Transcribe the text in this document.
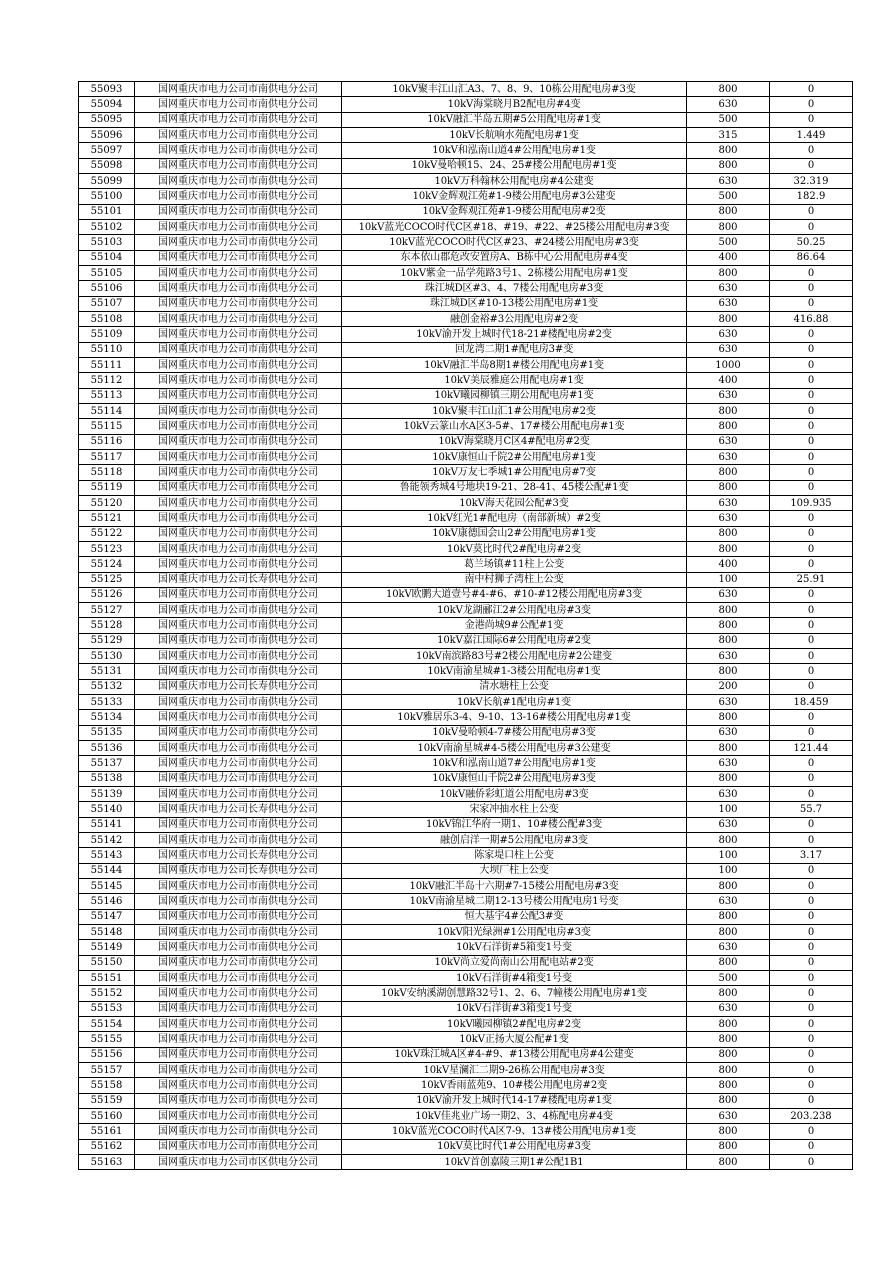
55093	国网重庆市电力公司市南供电分公司	10kV聚丰江山汇A3、7、8、9、10栋公用配电房#3变	800	0
55094	国网重庆市电力公司市南供电分公司	10kV海棠晓月B2配电房#4变	630	0
55095	国网重庆市电力公司市南供电分公司	10kV融汇半岛五期#5公用配电房#1变	500	0
55096	国网重庆市电力公司市南供电分公司	10kV长航响水苑配电房#1变	315	1.449
55097	国网重庆市电力公司市南供电分公司	10kV和泓南山道4#公用配电房#1变	800	0
55098	国网重庆市电力公司市南供电分公司	10kV曼哈顿15、24、25#楼公用配电房#1变	800	0
55099	国网重庆市电力公司市南供电分公司	10kV万科翰林公用配电房#4公建变	630	32.319
55100	国网重庆市电力公司市南供电分公司	10kV金辉观江苑#1-9楼公用配电房#3公建变	500	182.9
55101	国网重庆市电力公司市南供电分公司	10kV金辉观江苑#1-9楼公用配电房#2变	800	0
55102	国网重庆市电力公司市南供电分公司	10kV蓝光COCO时代C区#18、#19、#22、#25楼公用配电房#3变	800	0
55103	国网重庆市电力公司市南供电分公司	10kV蓝光COCO时代C区#23、#24楼公用配电房#3变	500	50.25
55104	国网重庆市电力公司市南供电分公司	东本依山郡危改安置房A、B栋中心公用配电房#4变	400	86.64
55105	国网重庆市电力公司市南供电分公司	10kV紫金一品学苑路3号1、2栋楼公用配电房#1变	800	0
55106	国网重庆市电力公司市南供电分公司	珠江城D区#3、4、7楼公用配电房#3变	630	0
55107	国网重庆市电力公司市南供电分公司	珠江城D区#10-13楼公用配电房#1变	630	0
55108	国网重庆市电力公司市南供电分公司	融创金裕#3公用配电房#2变	800	416.88
55109	国网重庆市电力公司市南供电分公司	10kV渝开发上城时代18-21#楼配电房#2变	630	0
55110	国网重庆市电力公司市南供电分公司	回龙湾二期1#配电房3#变	630	0
55111	国网重庆市电力公司市南供电分公司	10kV融汇半岛8期1#楼公用配电房#1变	1000	0
55112	国网重庆市电力公司市南供电分公司	10kV美辰雅庭公用配电房#1变	400	0
55113	国网重庆市电力公司市南供电分公司	10kV曦园柳镇三期公用配电房#1变	630	0
55114	国网重庆市电力公司市南供电分公司	10kV聚丰江山汇1#公用配电房#2变	800	0
55115	国网重庆市电力公司市南供电分公司	10kV云篆山水A区3-5#、17#楼公用配电房#1变	800	0
55116	国网重庆市电力公司市南供电分公司	10kV海棠晓月C区4#配电房#2变	630	0
55117	国网重庆市电力公司市南供电分公司	10kV康恒山千院2#公用配电房#1变	630	0
55118	国网重庆市电力公司市南供电分公司	10kV万友七季城1#公用配电房#7变	800	0
55119	国网重庆市电力公司市南供电分公司	鲁能领秀城4号地块19-21、28-41、45楼公配#1变	800	0
55120	国网重庆市电力公司市南供电分公司	10kV海天花园公配#3变	630	109.935
55121	国网重庆市电力公司市南供电分公司	10kV红光1#配电房（南部新城）#2变	630	0
55122	国网重庆市电力公司市南供电分公司	10kV康德国会山2#公用配电房#1变	800	0
55123	国网重庆市电力公司市南供电分公司	10kV莫比时代2#配电房#2变	800	0
55124	国网重庆市电力公司市南供电分公司	葛兰场镇#11柱上公变	400	0
55125	国网重庆市电力公司长寿供电分公司	南中村狮子湾柱上公变	100	25.91
55126	国网重庆市电力公司市南供电分公司	10kV欧鹏大道壹号#4-#6、#10-#12楼公用配电房#3变	630	0
55127	国网重庆市电力公司市南供电分公司	10kV龙湖郦江2#公用配电房#3变	800	0
55128	国网重庆市电力公司市南供电分公司	金港尚城9#公配#1变	800	0
55129	国网重庆市电力公司市南供电分公司	10kV嘉江国际6#公用配电房#2变	800	0
55130	国网重庆市电力公司市南供电分公司	10kV南滨路83号#2楼公用配电房#2公建变	630	0
55131	国网重庆市电力公司市南供电分公司	10kV南渝星城#1-3楼公用配电房#1变	800	0
55132	国网重庆市电力公司长寿供电分公司	清水塘柱上公变	200	0
55133	国网重庆市电力公司市南供电分公司	10kV长航#1配电房#1变	630	18.459
55134	国网重庆市电力公司市南供电分公司	10kV雅居乐3-4、9-10、13-16#楼公用配电房#1变	800	0
55135	国网重庆市电力公司市南供电分公司	10kV曼哈顿4-7#楼公用配电房#3变	630	0
55136	国网重庆市电力公司市南供电分公司	10kV南渝星城#4-5楼公用配电房#3公建变	800	121.44
55137	国网重庆市电力公司市南供电分公司	10kV和泓南山道7#公用配电房#1变	630	0
55138	国网重庆市电力公司市南供电分公司	10kV康恒山千院2#公用配电房#3变	800	0
55139	国网重庆市电力公司市南供电分公司	10kV融侨彩虹道公用配电房#3变	630	0
55140	国网重庆市电力公司长寿供电分公司	宋家冲抽水柱上公变	100	55.7
55141	国网重庆市电力公司市南供电分公司	10kV锦江华府一期1、10#楼公配#3变	630	0
55142	国网重庆市电力公司市南供电分公司	融创启洋一期#5公用配电房#3变	800	0
55143	国网重庆市电力公司长寿供电分公司	陈家堤口柱上公变	100	3.17
55144	国网重庆市电力公司长寿供电分公司	大坝厂柱上公变	100	0
55145	国网重庆市电力公司市南供电分公司	10kV融汇半岛十六期#7-15楼公用配电房#3变	800	0
55146	国网重庆市电力公司市南供电分公司	10kV南渝星城二期12-13号楼公用配电房1号变	630	0
55147	国网重庆市电力公司市南供电分公司	恒大基宇4#公配3#变	800	0
55148	国网重庆市电力公司市南供电分公司	10kV阳光绿洲#1公用配电房#3变	800	0
55149	国网重庆市电力公司市南供电分公司	10kV石洋街#5箱变1号变	630	0
55150	国网重庆市电力公司市南供电分公司	10kV尚立爱尚南山公用配电站#2变	800	0
55151	国网重庆市电力公司市南供电分公司	10kV石洋街#4箱变1号变	500	0
55152	国网重庆市电力公司市南供电分公司	10kV安纳溪湖创慧路32号1、2、6、7幢楼公用配电房#1变	800	0
55153	国网重庆市电力公司市南供电分公司	10kV石洋街#3箱变1号变	630	0
55154	国网重庆市电力公司市南供电分公司	10kV曦园柳镇2#配电房#2变	800	0
55155	国网重庆市电力公司市南供电分公司	10kV正扬大厦公配#1变	800	0
55156	国网重庆市电力公司市南供电分公司	10kV珠江城A区#4-#9、#13楼公用配电房#4公建变	800	0
55157	国网重庆市电力公司市南供电分公司	10kV星澜汇二期9-26栋公用配电房#3变	800	0
55158	国网重庆市电力公司市南供电分公司	10kV香雨蓝苑9、10#楼公用配电房#2变	800	0
55159	国网重庆市电力公司市南供电分公司	10kV渝开发上城时代14-17#楼配电房#1变	800	0
55160	国网重庆市电力公司市南供电分公司	10kV佳兆业广场一期2、3、4栋配电房#4变	630	203.238
55161	国网重庆市电力公司市南供电分公司	10kV蓝光COCO时代A区7-9、13#楼公用配电房#1变	800	0
55162	国网重庆市电力公司市南供电分公司	10kV莫比时代1#公用配电房#3变	800	0
55163	国网重庆市电力公司市区供电分公司	10kV首创嘉陵三期1#公配1B1	800	0
